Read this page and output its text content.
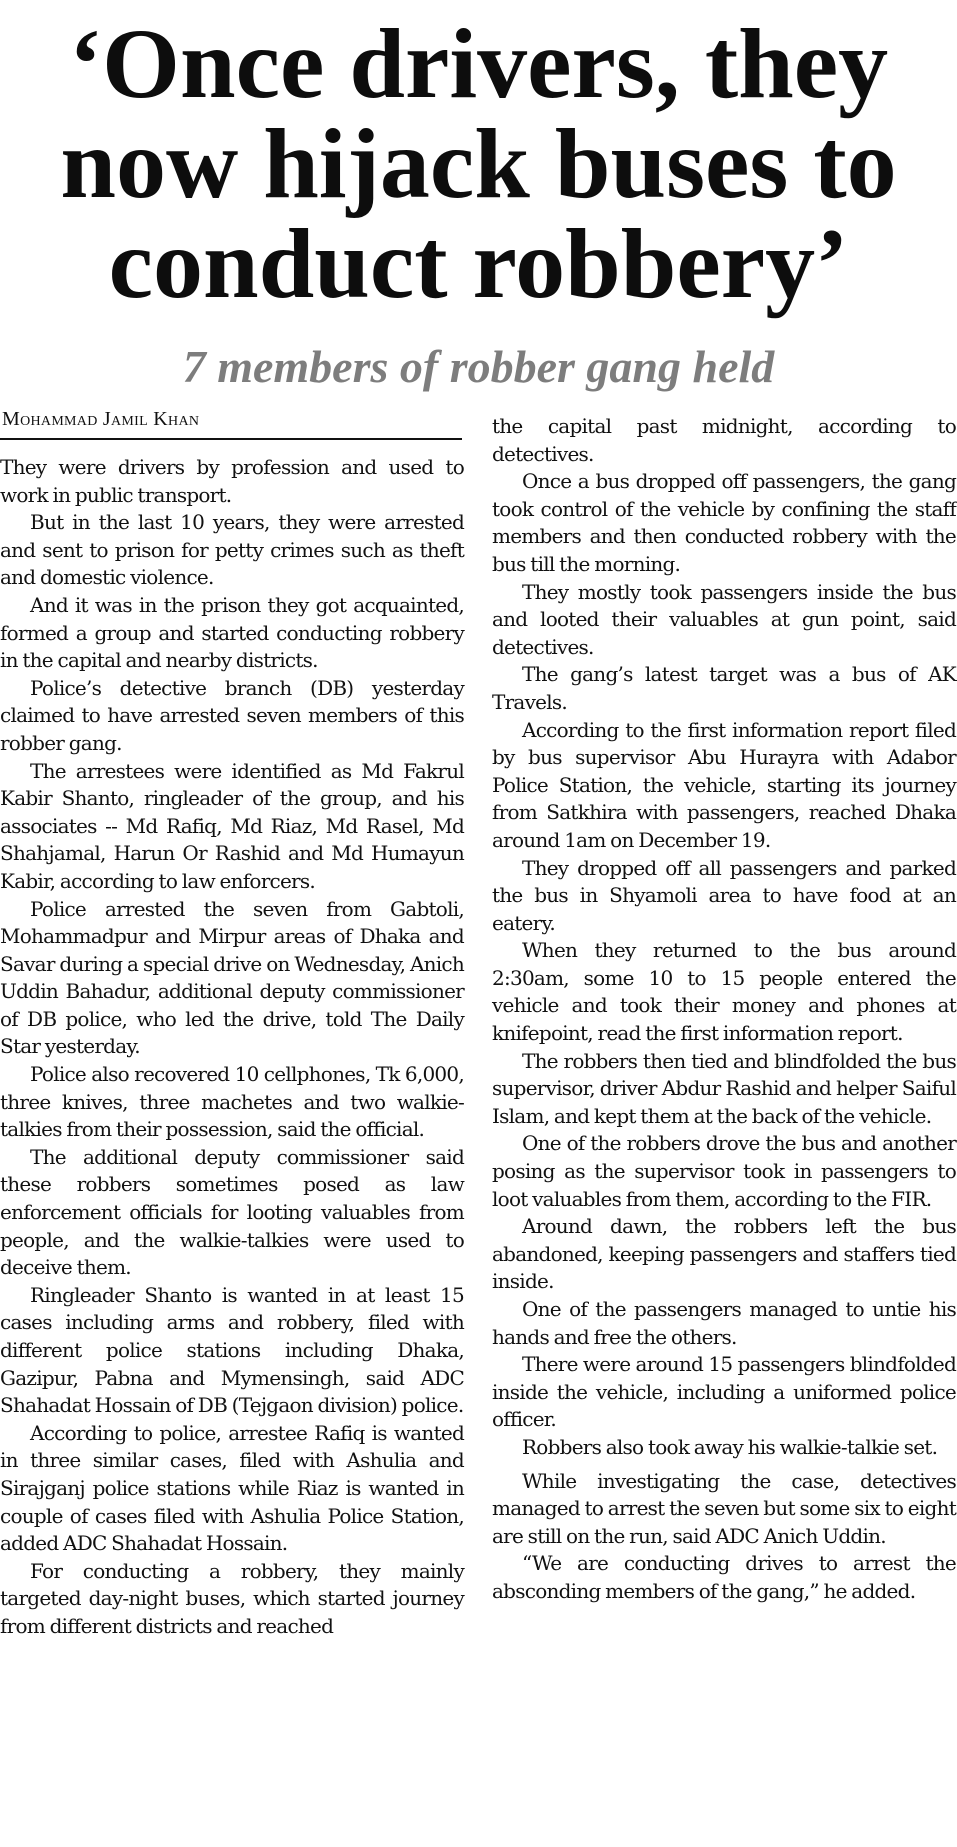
‘Once drivers, they now hijack buses to conduct robbery’
7 members of robber gang held
Mohammad Jamil Khan

They were drivers by profession and used to work in public transport.

But in the last 10 years, they were arrested and sent to prison for petty crimes such as theft and domestic violence.

And it was in the prison they got acquainted, formed a group and started conducting robbery in the capital and nearby districts.

Police’s detective branch (DB) yesterday claimed to have arrested seven members of this robber gang.

The arrestees were identified as Md Fakrul Kabir Shanto, ringleader of the group, and his associates -- Md Rafiq, Md Riaz, Md Rasel, Md Shahjamal, Harun Or Rashid and Md Humayun Kabir, according to law enforcers.

Police arrested the seven from Gabtoli, Mohammadpur and Mirpur areas of Dhaka and Savar during a special drive on Wednesday, Anich Uddin Bahadur, additional deputy commissioner of DB police, who led the drive, told The Daily Star yesterday.

Police also recovered 10 cellphones, Tk 6,000, three knives, three machetes and two walkie-talkies from their possession, said the official.

The additional deputy commissioner said these robbers sometimes posed as law enforcement officials for looting valuables from people, and the walkie-talkies were used to deceive them.

Ringleader Shanto is wanted in at least 15 cases including arms and robbery, filed with different police stations including Dhaka, Gazipur, Pabna and Mymensingh, said ADC Shahadat Hossain of DB (Tejgaon division) police.

According to police, arrestee Rafiq is wanted in three similar cases, filed with Ashulia and Sirajganj police stations while Riaz is wanted in couple of cases filed with Ashulia Police Station, added ADC Shahadat Hossain.

For conducting a robbery, they mainly targeted day-night buses, which started journey from different districts and reached

the capital past midnight, according to detectives.

Once a bus dropped off passengers, the gang took control of the vehicle by confining the staff members and then conducted robbery with the bus till the morning.

They mostly took passengers inside the bus and looted their valuables at gun point, said detectives.

The gang’s latest target was a bus of AK Travels.

According to the first information report filed by bus supervisor Abu Hurayra with Adabor Police Station, the vehicle, starting its journey from Satkhira with passengers, reached Dhaka around 1am on December 19.

They dropped off all passengers and parked the bus in Shyamoli area to have food at an eatery.

When they returned to the bus around 2:30am, some 10 to 15 people entered the vehicle and took their money and phones at knifepoint, read the first information report.

The robbers then tied and blindfolded the bus supervisor, driver Abdur Rashid and helper Saiful Islam, and kept them at the back of the vehicle.

One of the robbers drove the bus and another posing as the supervisor took in passengers to loot valuables from them, according to the FIR.

Around dawn, the robbers left the bus abandoned, keeping passengers and staffers tied inside.

One of the passengers managed to untie his hands and free the others.

There were around 15 passengers blindfolded inside the vehicle, including a uniformed police officer.

Robbers also took away his walkie-talkie set.

While investigating the case, detectives managed to arrest the seven but some six to eight are still on the run, said ADC Anich Uddin.

“We are conducting drives to arrest the absconding members of the gang,” he added.
